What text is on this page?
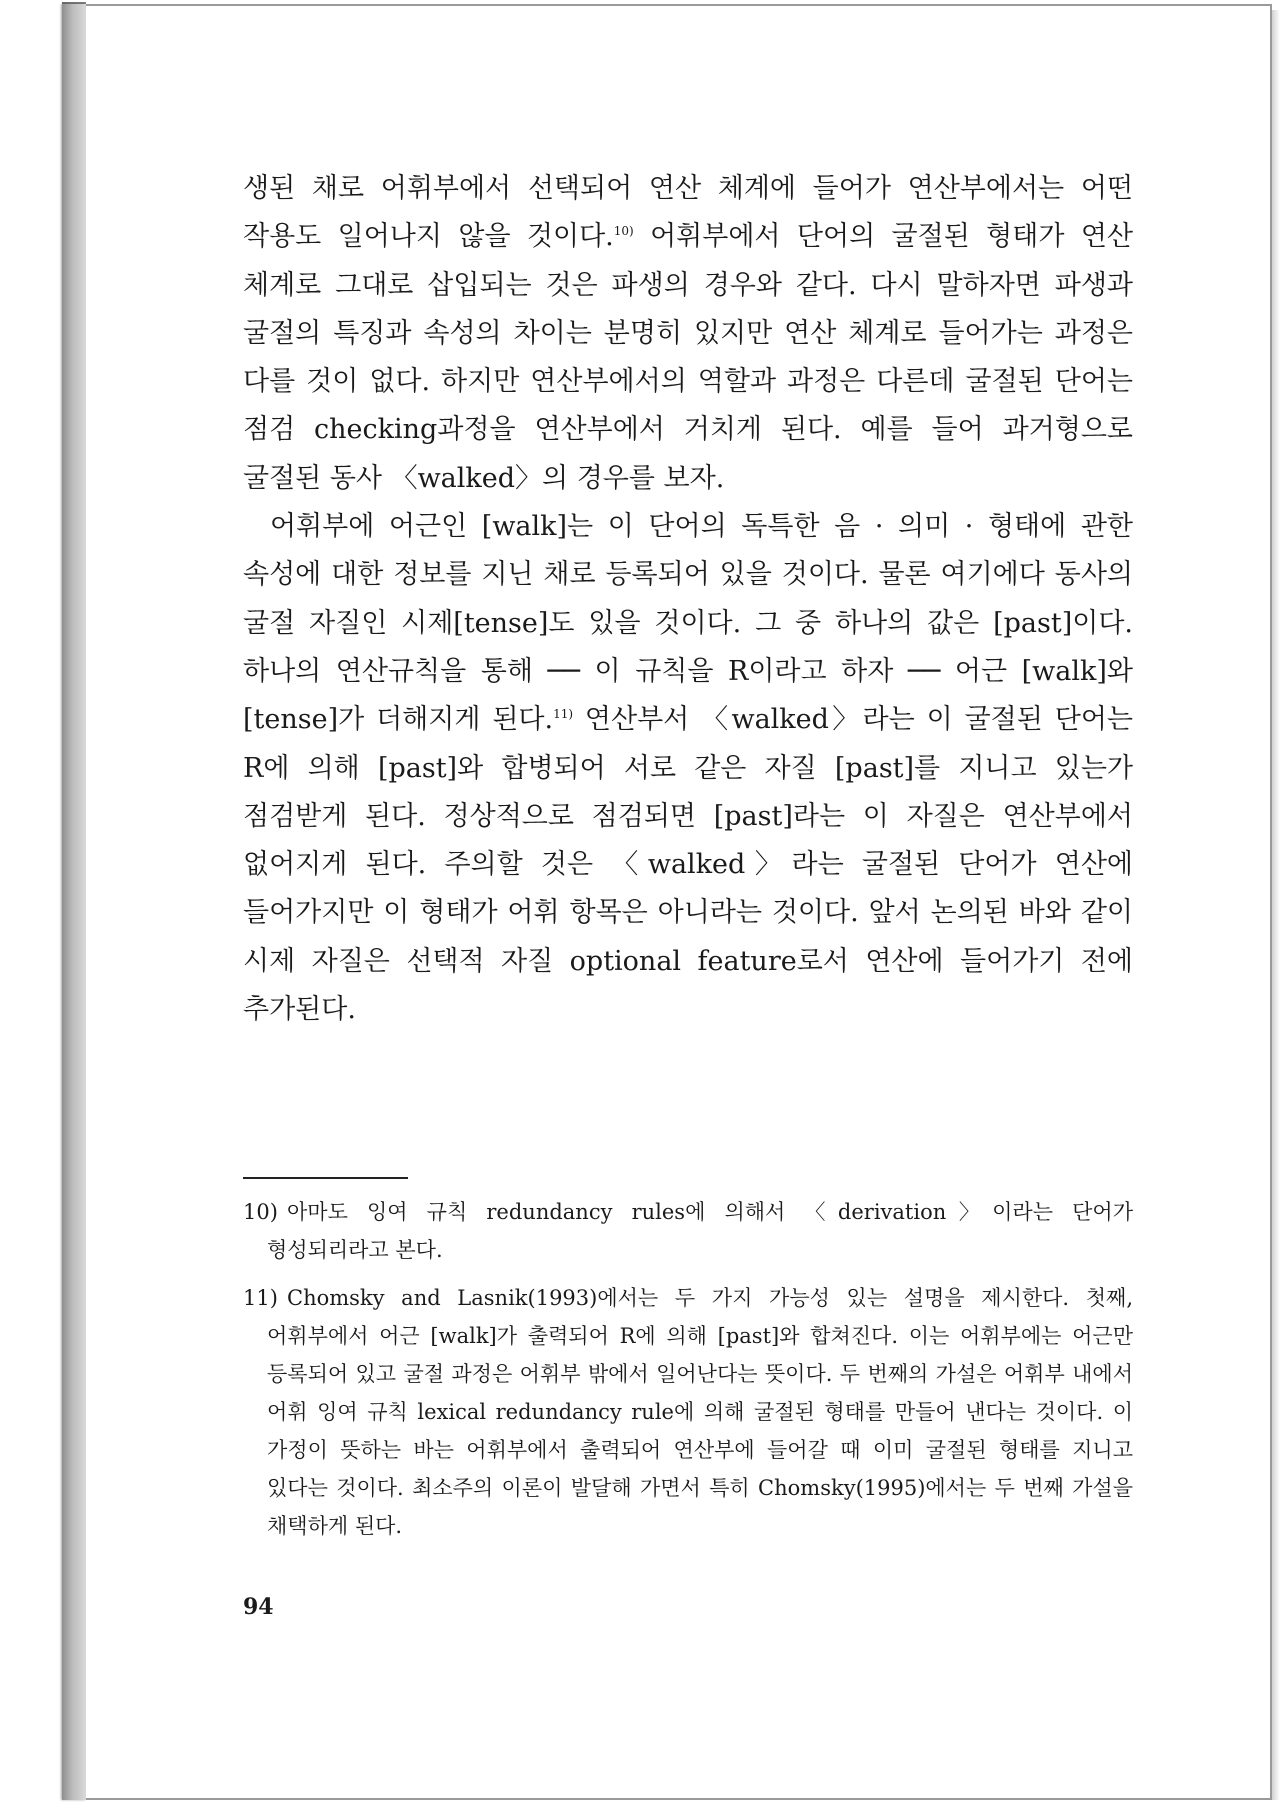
생된 채로 어휘부에서 선택되어 연산 체계에 들어가 연산부에서는 어떤 작용도 일어나지 않을 것이다.$^{10)}$ 어휘부에서 단어의 굴절된 형태가 연산 체계로 그대로 삽입되는 것은 파생의 경우와 같다. 다시 말하자면 파생과 굴절의 특징과 속성의 차이는 분명히 있지만 연산 체계로 들어가는 과정은 다를 것이 없다. 하지만 연산부에서의 역할과 과정은 다른데 굴절된 단어는 점검 checking과정을 연산부에서 거치게 된다. 예를 들어 과거형으로 굴절된 동사 〈walked〉의 경우를 보자.

어휘부에 어근인 [walk]는 이 단어의 독특한 음 · 의미 · 형태에 관한 속성에 대한 정보를 지닌 채로 등록되어 있을 것이다. 물론 여기에다 동사의 굴절 자질인 시제[tense]도 있을 것이다. 그 중 하나의 값은 [past]이다. 하나의 연산규칙을 통해 ── 이 규칙을 R이라고 하자 ── 어근 [walk]와 [tense]가 더해지게 된다.$^{11)}$ 연산부서 〈walked〉라는 이 굴절된 단어는 R에 의해 [past]와 합병되어 서로 같은 자질 [past]를 지니고 있는가 점검받게 된다. 정상적으로 점검되면 [past]라는 이 자질은 연산부에서 없어지게 된다. 주의할 것은 〈walked〉라는 굴절된 단어가 연산에 들어가지만 이 형태가 어휘 항목은 아니라는 것이다. 앞서 논의된 바와 같이 시제 자질은 선택적 자질 optional feature로서 연산에 들어가기 전에 추가된다.

10) 아마도 잉여 규칙 redundancy rules에 의해서 〈derivation〉이라는 단어가 형성되리라고 본다.

11) Chomsky and Lasnik(1993)에서는 두 가지 가능성 있는 설명을 제시한다. 첫째, 어휘부에서 어근 [walk]가 출력되어 R에 의해 [past]와 합쳐진다. 이는 어휘부에는 어근만 등록되어 있고 굴절 과정은 어휘부 밖에서 일어난다는 뜻이다. 두 번째의 가설은 어휘부 내에서 어휘 잉여 규칙 lexical redundancy rule에 의해 굴절된 형태를 만들어 낸다는 것이다. 이 가정이 뜻하는 바는 어휘부에서 출력되어 연산부에 들어갈 때 이미 굴절된 형태를 지니고 있다는 것이다. 최소주의 이론이 발달해 가면서 특히 Chomsky(1995)에서는 두 번째 가설을 채택하게 된다.

94
